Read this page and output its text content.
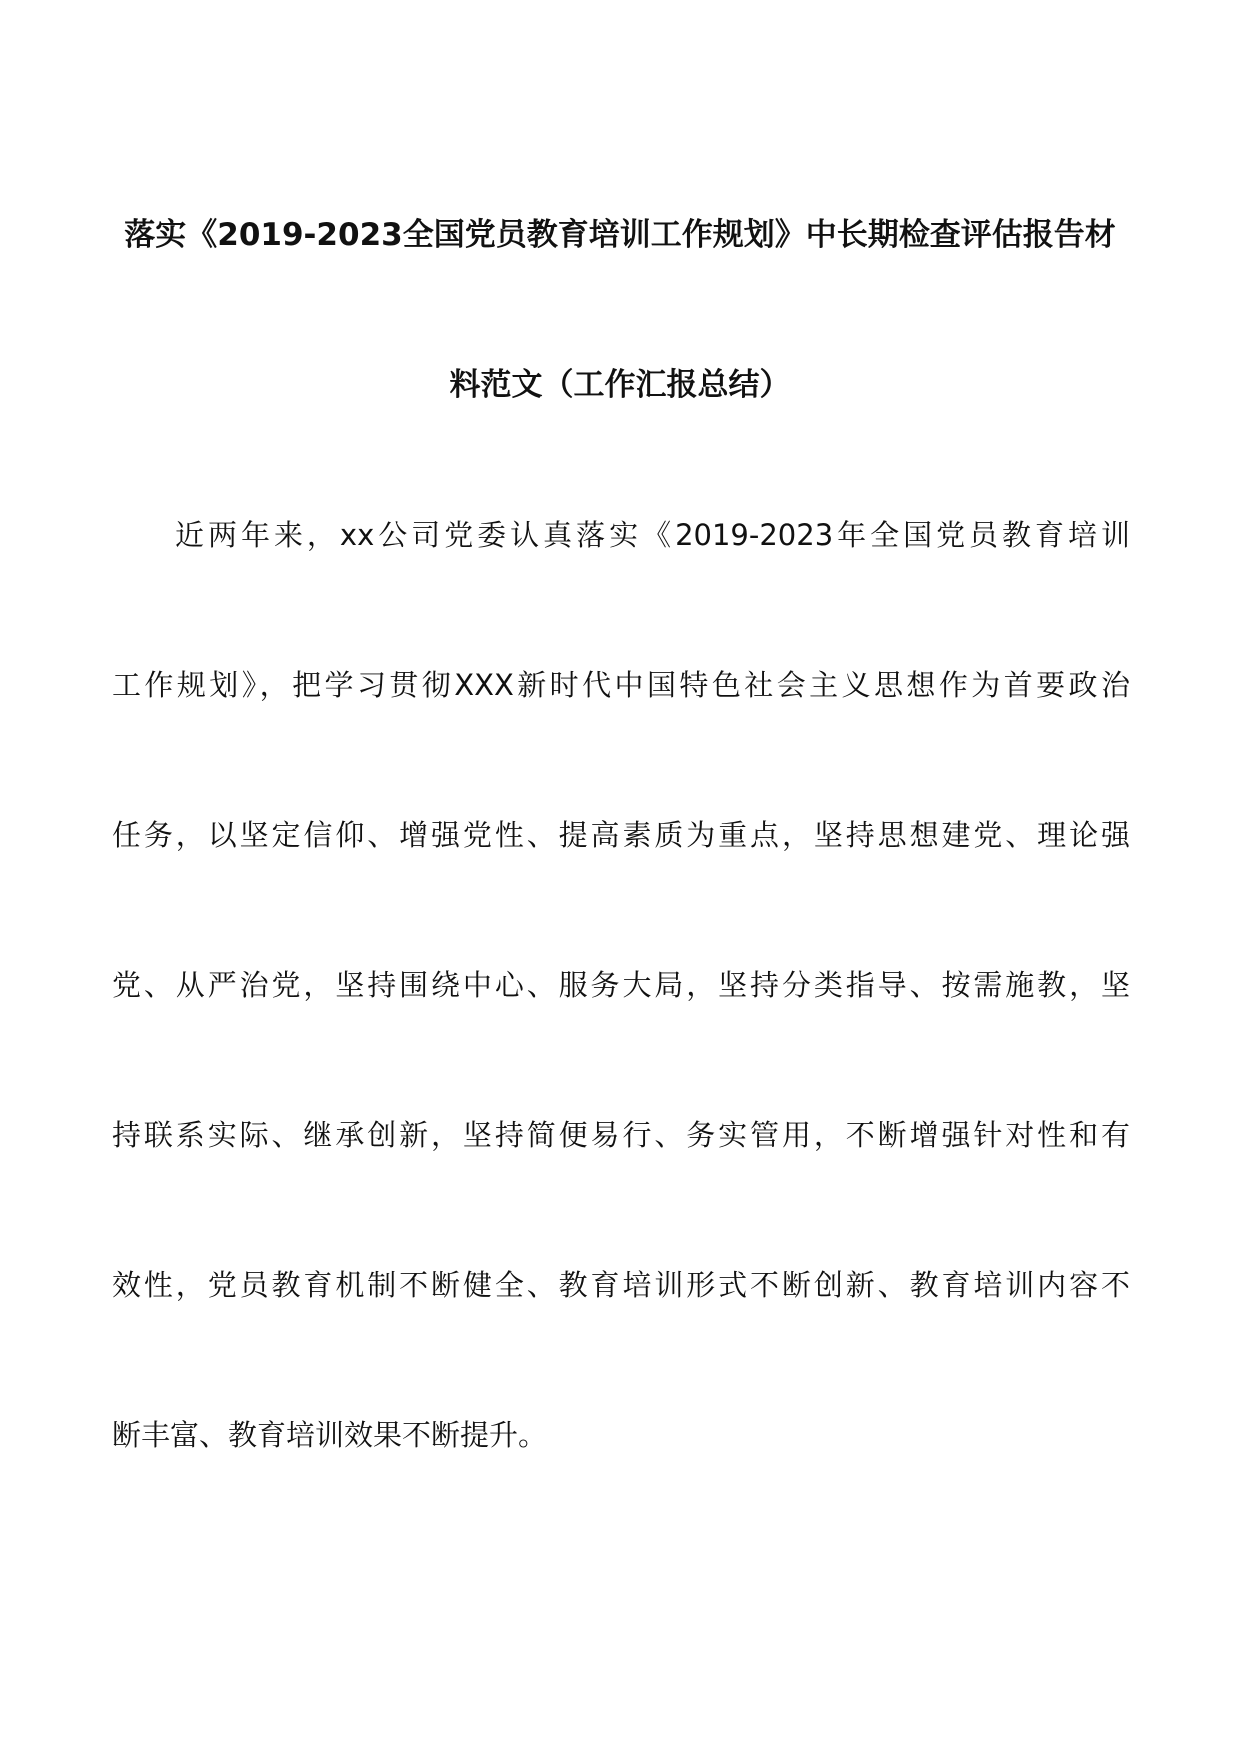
落实《2019-2023全国党员教育培训工作规划》中长期检查评估报告材
料范文（工作汇报总结）
近两年来，xx公司党委认真落实《2019-2023年全国党员教育培训
工作规划》，把学习贯彻XXX新时代中国特色社会主义思想作为首要政治
任务，以坚定信仰、增强党性、提高素质为重点，坚持思想建党、理论强
党、从严治党，坚持围绕中心、服务大局，坚持分类指导、按需施教，坚
持联系实际、继承创新，坚持简便易行、务实管用，不断增强针对性和有
效性，党员教育机制不断健全、教育培训形式不断创新、教育培训内容不
断丰富、教育培训效果不断提升。
